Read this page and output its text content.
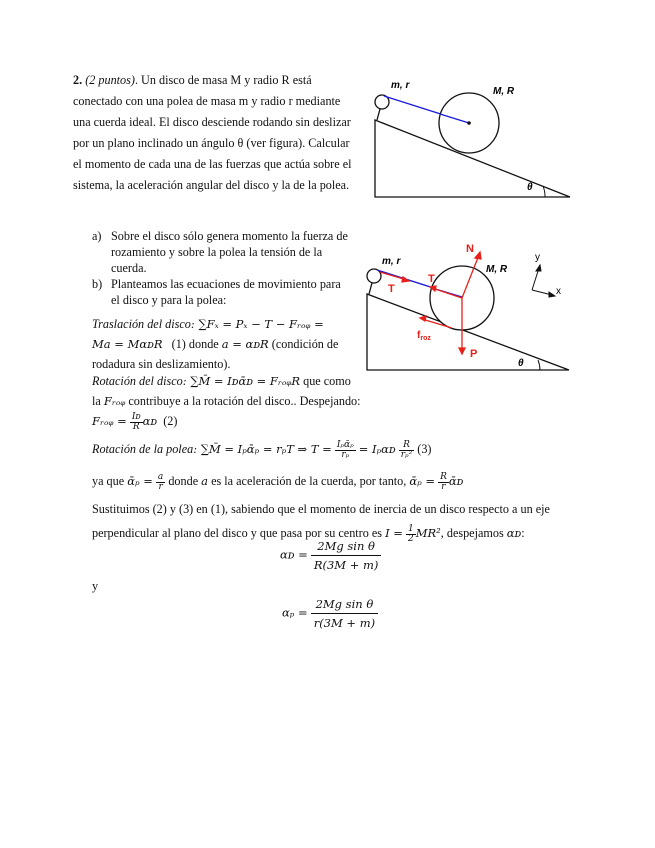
2. (2 puntos). Un disco de masa M y radio R está
conectado con una polea de masa m y radio r mediante
una cuerda ideal. El disco desciende rodando sin deslizar
por un plano inclinado un ángulo θ (ver figura). Calcular
el momento de cada una de las fuerzas que actúa sobre el
sistema, la aceleración angular del disco y la de la polea.
m, r
M, R
θ
a) Sobre el disco sólo genera momento la fuerza de
rozamiento y sobre la polea la tensión de la
cuerda.
b) Planteamos las ecuaciones de movimiento para
el disco y para la polea:
y
x
N
T
T
P
$f_{roz}$
m, r
M, R
θ
Traslación del disco: ∑Fₓ = Pₓ − T − Fᵣₒᵩ =
Ma = MαᴅR (1) donde a = αᴅR (condición de
rodadura sin deslizamiento).
Rotación del disco: ∑M̄ = Iᴅᾱᴅ = FᵣₒᵩR que como
la Fᵣₒᵩ contribuye a la rotación del disco.. Despejando:
Fᵣₒᵩ = $\frac{\text{Iᴅ}}{R}$ αᴅ (2)
Rotación de la polea: ∑M̄ = Iₚᾱₚ = rₚT ⇒ $T = \frac{\text{Iₚᾱₚ}}{\text{rₚ}}$ = Iₚαᴅ $\frac{R}{\text{rₚ²}} (3)$
ya que ᾱₚ = $\frac{a}{r}$ donde a es la aceleración de la cuerda, por tanto, ᾱₚ = $\frac{R}{r}$ ᾱᴅ
Sustituimos (2) y (3) en (1), sabiendo que el momento de inercia de un disco respecto a un eje
perpendicular al plano del disco y que pasa por su centro es $I = \frac{1}{2} MR^2$, despejamos αᴅ:
αᴅ = $\frac{\text{2Mg sin θ}}{R(3M + m)}$
y
$\alpha_p = \frac{\text{2Mg sin θ}}{r(3M + m)}$
